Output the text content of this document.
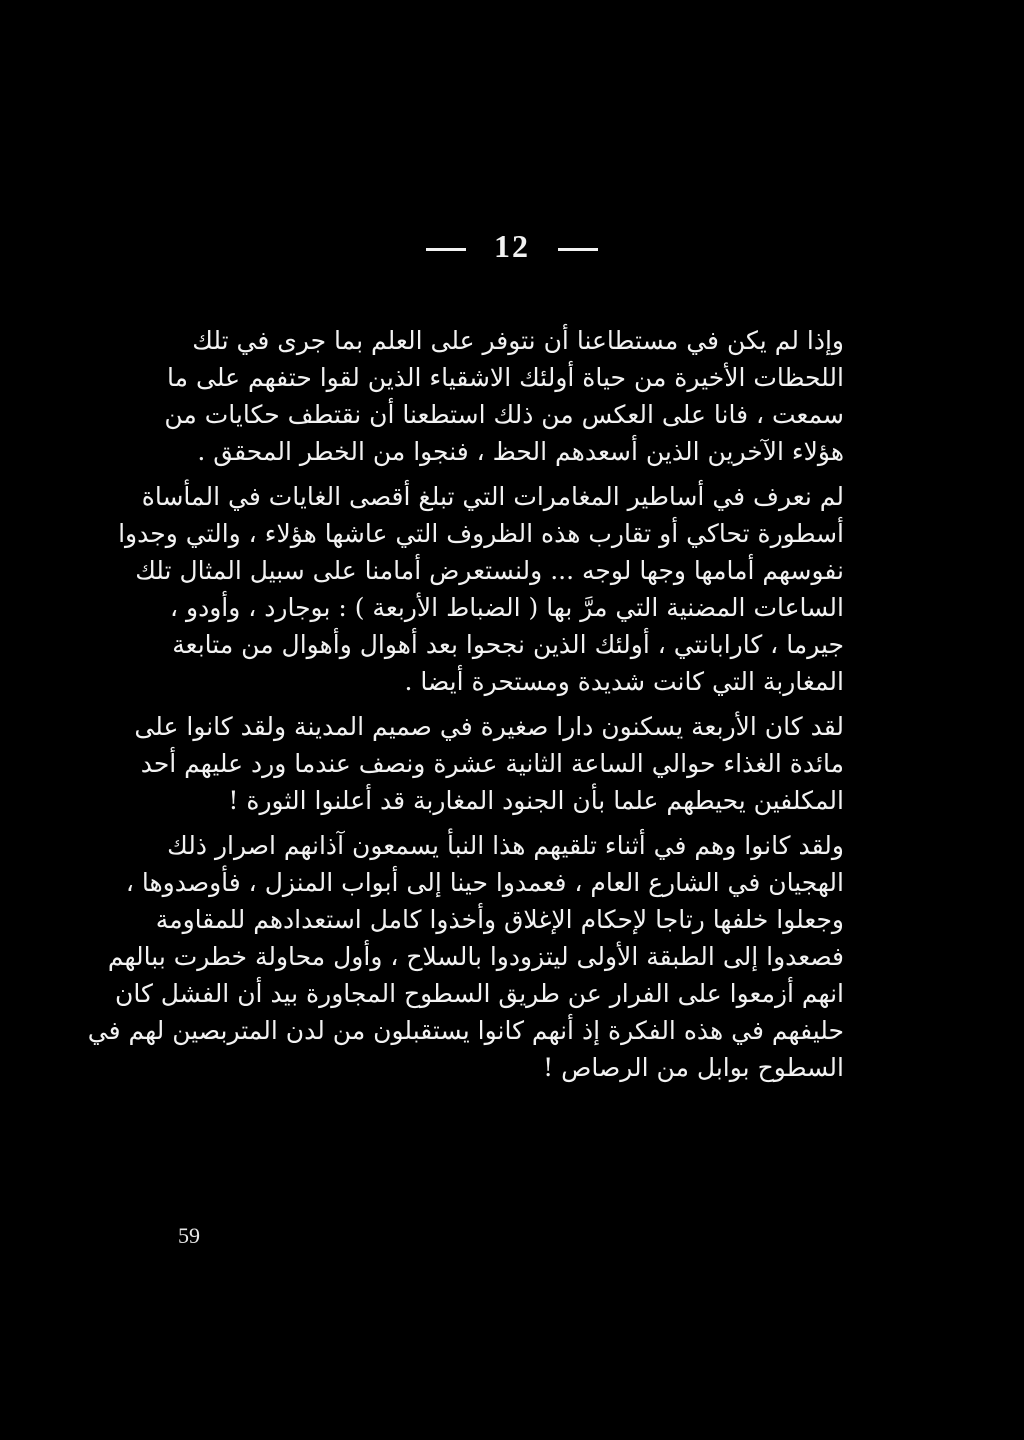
12
وإذا لم يكن في مستطاعنا أن نتوفر على العلم بما جرى في تلك
اللحظات الأخيرة من حياة أولئك الاشقياء الذين لقوا حتفهم على ما
سمعت ، فانا على العكس من ذلك استطعنا أن نقتطف حكايات من
هؤلاء الآخرين الذين أسعدهم الحظ ، فنجوا من الخطر المحقق .
لم نعرف في أساطير المغامرات التي تبلغ أقصى الغايات في المأساة
أسطورة تحاكي أو تقارب هذه الظروف التي عاشها هؤلاء ، والتي وجدوا
نفوسهم أمامها وجها لوجه ... ولنستعرض أمامنا على سبيل المثال تلك
الساعات المضنية التي مرَّ بها ( الضباط الأربعة ) : بوجارد ، وأودو ،
جيرما ، كارابانتي ، أولئك الذين نجحوا بعد أهوال وأهوال من متابعة
المغاربة التي كانت شديدة ومستحرة أيضا .
لقد كان الأربعة يسكنون دارا صغيرة في صميم المدينة ولقد كانوا على
مائدة الغذاء حوالي الساعة الثانية عشرة ونصف عندما ورد عليهم أحد
المكلفين يحيطهم علما بأن الجنود المغاربة قد أعلنوا الثورة !
ولقد كانوا وهم في أثناء تلقيهم هذا النبأ يسمعون آذانهم اصرار ذلك
الهجيان في الشارع العام ، فعمدوا حينا إلى أبواب المنزل ، فأوصدوها ،
وجعلوا خلفها رتاجا لإحكام الإغلاق وأخذوا كامل استعدادهم للمقاومة
فصعدوا إلى الطبقة الأولى ليتزودوا بالسلاح ، وأول محاولة خطرت ببالهم
انهم أزمعوا على الفرار عن طريق السطوح المجاورة بيد أن الفشل كان
حليفهم في هذه الفكرة إذ أنهم كانوا يستقبلون من لدن المتربصين لهم في
السطوح بوابل من الرصاص !
59
